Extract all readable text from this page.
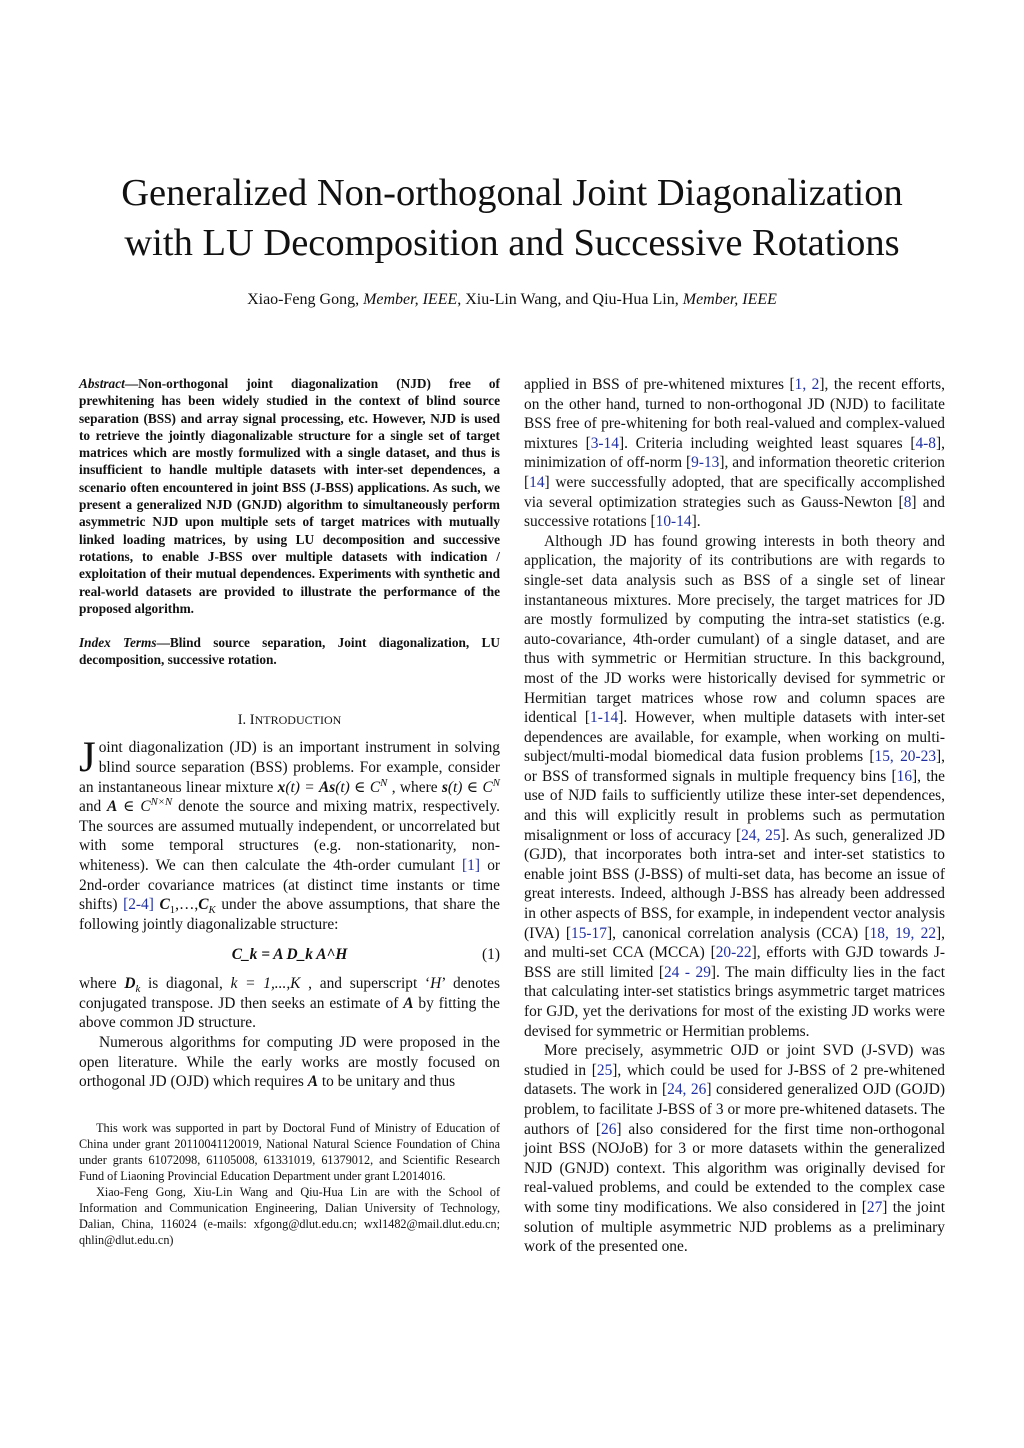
Generalized Non-orthogonal Joint Diagonalization
with LU Decomposition and Successive Rotations
Xiao-Feng Gong, Member, IEEE, Xiu-Lin Wang, and Qiu-Hua Lin, Member, IEEE
Abstract—Non-orthogonal joint diagonalization (NJD) free of prewhitening has been widely studied in the context of blind source separation (BSS) and array signal processing, etc. However, NJD is used to retrieve the jointly diagonalizable structure for a single set of target matrices which are mostly formulized with a single dataset, and thus is insufficient to handle multiple datasets with inter-set dependences, a scenario often encountered in joint BSS (J-BSS) applications. As such, we present a generalized NJD (GNJD) algorithm to simultaneously perform asymmetric NJD upon multiple sets of target matrices with mutually linked loading matrices, by using LU decomposition and successive rotations, to enable J-BSS over multiple datasets with indication / exploitation of their mutual dependences. Experiments with synthetic and real-world datasets are provided to illustrate the performance of the proposed algorithm.
Index Terms—Blind source separation, Joint diagonalization, LU decomposition, successive rotation.
I. INTRODUCTION

Joint diagonalization (JD) is an important instrument in solving blind source separation (BSS) problems. For example, consider an instantaneous linear mixture x(t) = As(t) ∈ $C^N$ , where s(t) ∈ $C^N$ and A ∈ $C^{N\times N}$ denote the source and mixing matrix, respectively. The sources are assumed mutually independent, or uncorrelated but with some temporal structures (e.g. non-stationarity, non-whiteness). We can then calculate the 4th-order cumulant [1] or 2nd-order covariance matrices (at distinct time instants or time shifts) [2-4] $C_1,\dots,C_K$ under the above assumptions, that share the following jointly diagonalizable structure:

C_k = A D_k A^H	(1)

where $D_k$ is diagonal, k = 1,...,K , and superscript ‘H’ denotes conjugated transpose. JD then seeks an estimate of A by fitting the above common JD structure.

Numerous algorithms for computing JD were proposed in the open literature. While the early works are mostly focused on orthogonal JD (OJD) which requires A to be unitary and thus

This work was supported in part by Doctoral Fund of Ministry of Education of China under grant 20110041120019, National Natural Science Foundation of China under grants 61072098, 61105008, 61331019, 61379012, and Scientific Research Fund of Liaoning Provincial Education Department under grant L2014016.

Xiao-Feng Gong, Xiu-Lin Wang and Qiu-Hua Lin are with the School of Information and Communication Engineering, Dalian University of Technology, Dalian, China, 116024 (e-mails: xfgong@dlut.edu.cn; wxl1482@mail.dlut.edu.cn; qhlin@dlut.edu.cn)

applied in BSS of pre-whitened mixtures [1, 2], the recent efforts, on the other hand, turned to non-orthogonal JD (NJD) to facilitate BSS free of pre-whitening for both real-valued and complex-valued mixtures [3-14]. Criteria including weighted least squares [4-8], minimization of off-norm [9-13], and information theoretic criterion [14] were successfully adopted, that are specifically accomplished via several optimization strategies such as Gauss-Newton [8] and successive rotations [10-14].

Although JD has found growing interests in both theory and application, the majority of its contributions are with regards to single-set data analysis such as BSS of a single set of linear instantaneous mixtures. More precisely, the target matrices for JD are mostly formulized by computing the intra-set statistics (e.g. auto-covariance, 4th-order cumulant) of a single dataset, and are thus with symmetric or Hermitian structure. In this background, most of the JD works were historically devised for symmetric or Hermitian target matrices whose row and column spaces are identical [1-14]. However, when multiple datasets with inter-set dependences are available, for example, when working on multi-subject/multi-modal biomedical data fusion problems [15, 20-23], or BSS of transformed signals in multiple frequency bins [16], the use of NJD fails to sufficiently utilize these inter-set dependences, and this will explicitly result in problems such as permutation misalignment or loss of accuracy [24, 25]. As such, generalized JD (GJD), that incorporates both intra-set and inter-set statistics to enable joint BSS (J-BSS) of multi-set data, has become an issue of great interests. Indeed, although J-BSS has already been addressed in other aspects of BSS, for example, in independent vector analysis (IVA) [15-17], canonical correlation analysis (CCA) [18, 19, 22], and multi-set CCA (MCCA) [20-22], efforts with GJD towards J-BSS are still limited [24 - 29]. The main difficulty lies in the fact that calculating inter-set statistics brings asymmetric target matrices for GJD, yet the derivations for most of the existing JD works were devised for symmetric or Hermitian problems.

More precisely, asymmetric OJD or joint SVD (J-SVD) was studied in [25], which could be used for J-BSS of 2 pre-whitened datasets. The work in [24, 26] considered generalized OJD (GOJD) problem, to facilitate J-BSS of 3 or more pre-whitened datasets. The authors of [26] also considered for the first time non-orthogonal joint BSS (NOJoB) for 3 or more datasets within the generalized NJD (GNJD) context. This algorithm was originally devised for real-valued problems, and could be extended to the complex case with some tiny modifications. We also considered in [27] the joint solution of multiple asymmetric NJD problems as a preliminary work of the presented one.
